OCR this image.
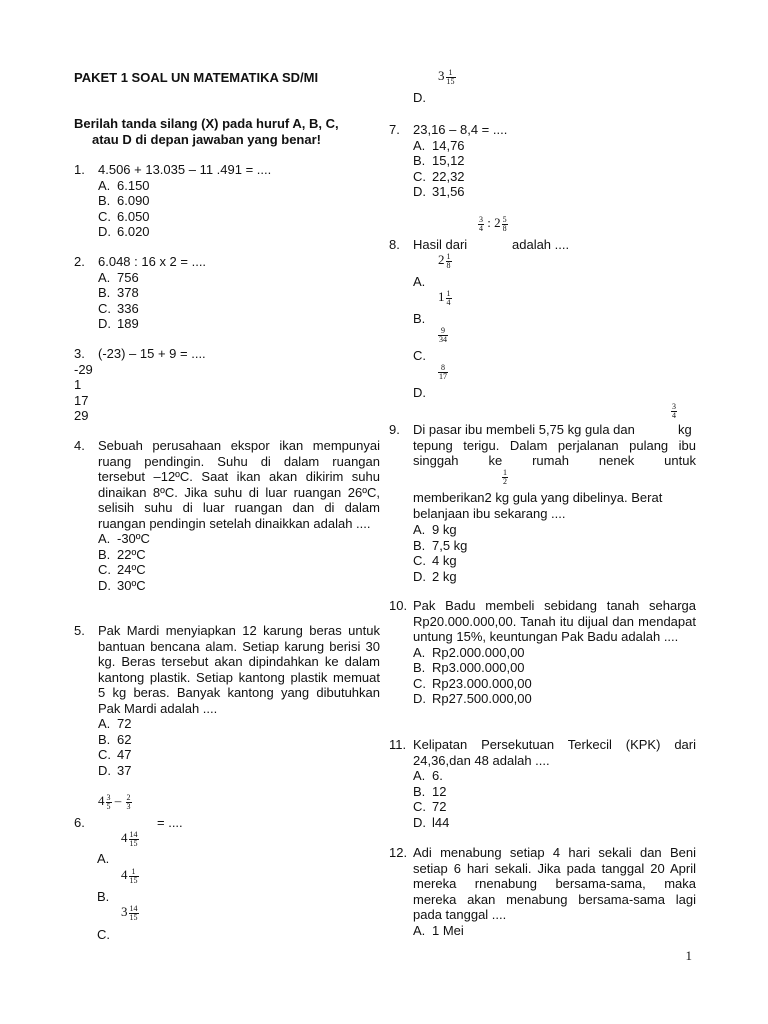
PAKET 1 SOAL UN MATEMATIKA SD/MI
Berilah tanda silang (X) pada huruf A, B, C,
atau D di depan jawaban yang benar!
1. 4.506 + 13.035 – 11 .491 = ....
A. 6.150
B. 6.090
C. 6.050
D. 6.020
2. 6.048 : 16 x 2 = ....
A. 756
B. 378
C. 336
D. 189
3. (-23) – 15 + 9 = ....
-29
1
17
29
4. Sebuah perusahaan ekspor ikan mempunyai ruang pendingin. Suhu di dalam ruangan tersebut –12ºC. Saat ikan akan dikirim suhu dinaikan 8ºC. Jika suhu di luar ruangan 26ºC, selisih suhu di luar ruangan dan di dalam ruangan pendingin setelah dinaikkan adalah ....
A. -30ºC
B. 22ºC
C. 24ºC
D. 30ºC
5. Pak Mardi menyiapkan 12 karung beras untuk bantuan bencana alam. Setiap karung berisi 30 kg. Beras tersebut akan dipindahkan ke dalam kantong plastik. Setiap kantong plastik memuat 5 kg beras. Banyak kantong yang dibutuhkan Pak Mardi adalah ....
A. 72
B. 62
C. 47
D. 37
$4 \frac{3}{5} - \frac{2}{3}$
6.	= ....
$4 \frac{14}{15}$
A.
$4 \frac{1}{15}$
B.
$3 \frac{14}{15}$
C.
$3 \frac{1}{15}$
D.
7. 23,16 – 8,4 = ....
A. 14,76
B. 15,12
C. 22,32
D. 31,56
$\frac{3}{4}$ : $2 \frac{5}{8}$
8. Hasil dari	adalah ....
$2 \frac{1}{8}$
A.
$1 \frac{1}{4}$
B.
$\frac{9}{34}$
C.
$\frac{8}{17}$
D.
$\frac{3}{4}$
9. Di pasar ibu membeli 5,75 kg gula dan	kg
tepung terigu. Dalam perjalanan pulang ibu
singgah ke rumah nenek untuk
$\frac{1}{2}$
memberikan2 kg gula yang dibelinya. Berat
belanjaan ibu sekarang ....
A. 9 kg
B. 7,5 kg
C. 4 kg
D. 2 kg
10. Pak Badu membeli sebidang tanah seharga Rp20.000.000,00. Tanah itu dijual dan mendapat untung 15%, keuntungan Pak Badu adalah ....
A. Rp2.000.000,00
B. Rp3.000.000,00
C. Rp23.000.000,00
D. Rp27.500.000,00
11. Kelipatan Persekutuan Terkecil (KPK) dari 24,36,dan 48 adalah ....
A. 6.
B. 12
C. 72
D. l44
12. Adi menabung setiap 4 hari sekali dan Beni setiap 6 hari sekali. Jika pada tanggal 20 April mereka rnenabung bersama-sama, maka mereka akan menabung bersama-sama lagi pada tanggal ....
A. 1 Mei
1
